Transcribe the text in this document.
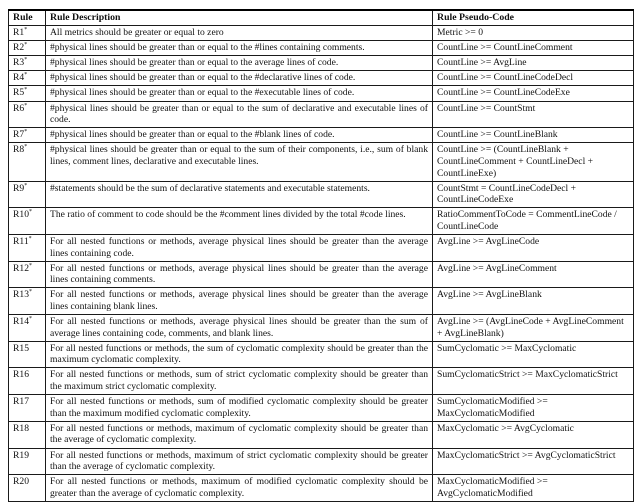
Rule	Rule Description	Rule Pseudo-Code
R1*	All metrics should be greater or equal to zero	Metric >= 0
R2*	#physical lines should be greater than or equal to the #lines containing comments.	CountLine >= CountLineComment
R3*	#physical lines should be greater than or equal to the average lines of code.	CountLine >= AvgLine
R4*	#physical lines should be greater than or equal to the #declarative lines of code.	CountLine >= CountLineCodeDecl
R5*	#physical lines should be greater than or equal to the #executable lines of code.	CountLine >= CountLineCodeExe
R6*	#physical lines should be greater than or equal to the sum of declarative and executable lines of code.	CountLine >= CountStmt
R7*	#physical lines should be greater than or equal to the #blank lines of code.	CountLine >= CountLineBlank
R8*	#physical lines should be greater than or equal to the sum of their components, i.e., sum of blank lines, comment lines, declarative and executable lines.	CountLine >= (CountLineBlank + CountLineComment + CountLineDecl + CountLineExe)
R9*	#statements should be the sum of declarative statements and executable statements.	CountStmt = CountLineCodeDecl + CountLineCodeExe
R10*	The ratio of comment to code should be the #comment lines divided by the total #code lines.	RatioCommentToCode = CommentLineCode / CountLineCode
R11*	For all nested functions or methods, average physical lines should be greater than the average lines containing code.	AvgLine >= AvgLineCode
R12*	For all nested functions or methods, average physical lines should be greater than the average lines containing comments.	AvgLine >= AvgLineComment
R13*	For all nested functions or methods, average physical lines should be greater than the average lines containing blank lines.	AvgLine >= AvgLineBlank
R14*	For all nested functions or methods, average physical lines should be greater than the sum of average lines containing code, comments, and blank lines.	AvgLine >= (AvgLineCode + AvgLineComment + AvgLineBlank)
R15	For all nested functions or methods, the sum of cyclomatic complexity should be greater than the maximum cyclomatic complexity.	SumCyclomatic >= MaxCyclomatic
R16	For all nested functions or methods, sum of strict cyclomatic complexity should be greater than the maximum strict cyclomatic complexity.	SumCyclomaticStrict >= MaxCyclomaticStrict
R17	For all nested functions or methods, sum of modified cyclomatic complexity should be greater than the maximum modified cyclomatic complexity.	SumCyclomaticModified >= MaxCyclomaticModified
R18	For all nested functions or methods, maximum of cyclomatic complexity should be greater than the average of cyclomatic complexity.	MaxCyclomatic >= AvgCyclomatic
R19	For all nested functions or methods, maximum of strict cyclomatic complexity should be greater than the average of cyclomatic complexity.	MaxCyclomaticStrict >= AvgCyclomaticStrict
R20	For all nested functions or methods, maximum of modified cyclomatic complexity should be greater than the average of cyclomatic complexity.	MaxCyclomaticModified >= AvgCyclomaticModified
